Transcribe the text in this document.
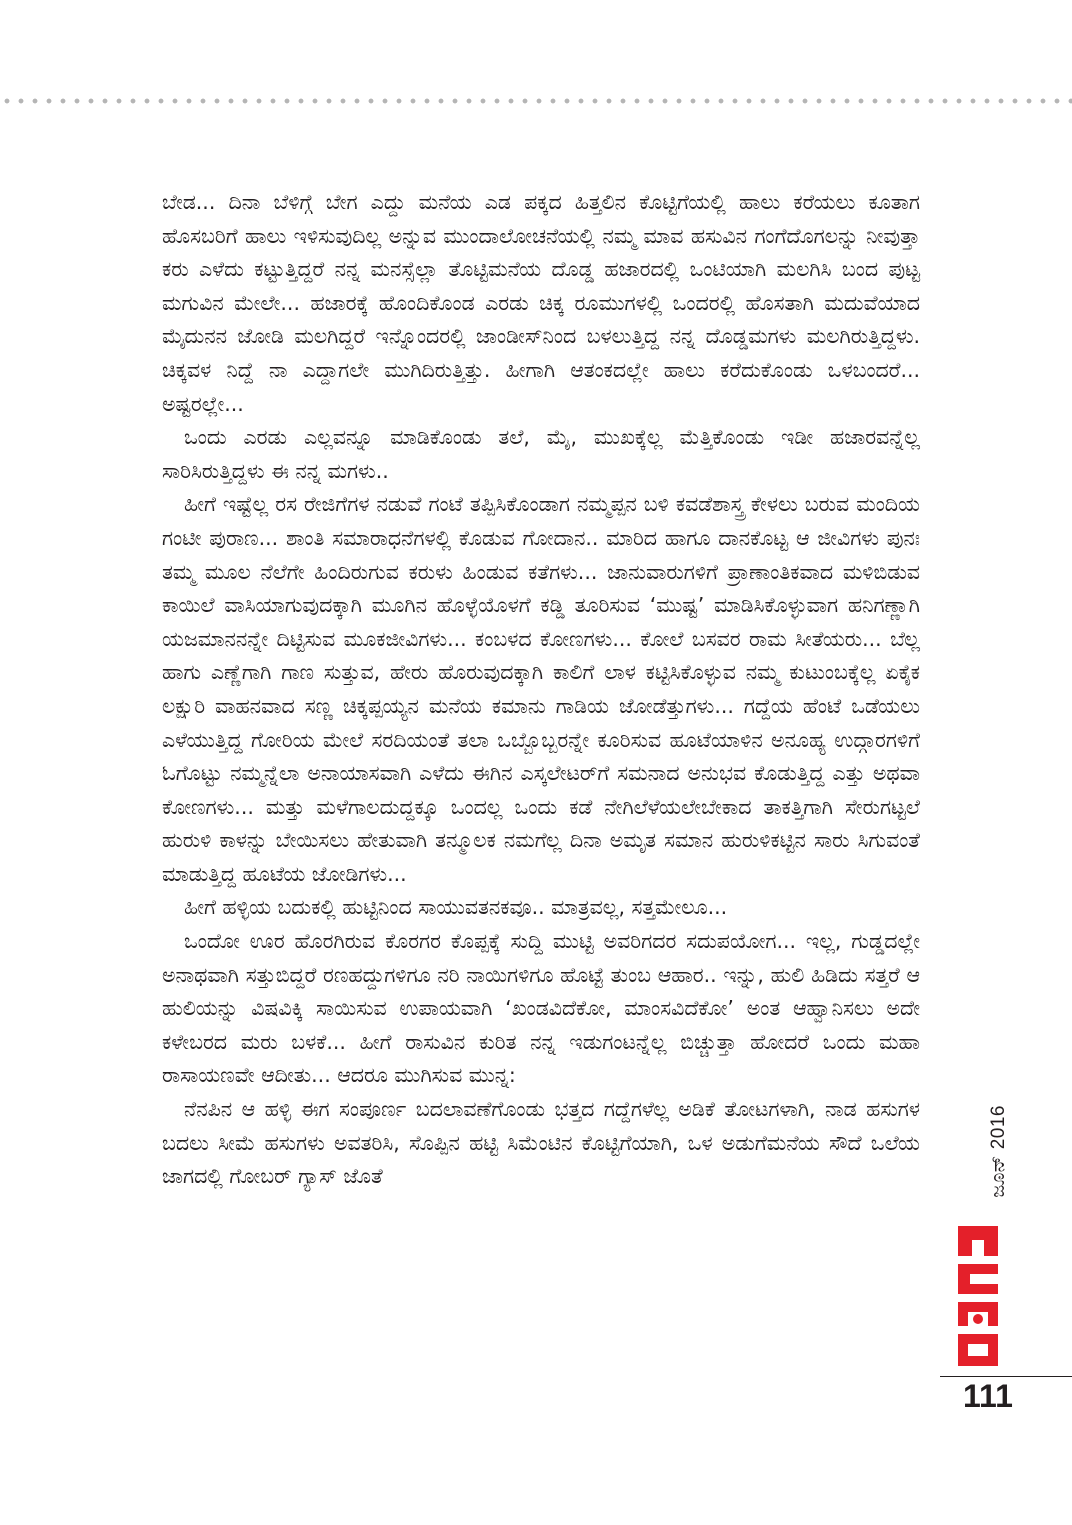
ಬೇಡ... ದಿನಾ ಬೆಳಿಗ್ಗೆ ಬೇಗ ಎದ್ದು ಮನೆಯ ಎಡ ಪಕ್ಕದ ಹಿತ್ತಲಿನ ಕೊಟ್ಟಿಗೆಯಲ್ಲಿ ಹಾಲು ಕರೆಯಲು ಕೂತಾಗ ಹೊಸಬರಿಗೆ ಹಾಲು ಇಳಿಸುವುದಿಲ್ಲ ಅನ್ನುವ ಮುಂದಾಲೋಚನೆಯಲ್ಲಿ ನಮ್ಮ ಮಾವ ಹಸುವಿನ ಗಂಗೆದೊಗಲನ್ನು ನೀವುತ್ತಾ ಕರು ಎಳೆದು ಕಟ್ಟುತ್ತಿದ್ದರೆ ನನ್ನ ಮನಸ್ಸೆಲ್ಲಾ ತೊಟ್ಟಿಮನೆಯ ದೊಡ್ಡ ಹಜಾರದಲ್ಲಿ ಒಂಟಿಯಾಗಿ ಮಲಗಿಸಿ ಬಂದ ಪುಟ್ಟ ಮಗುವಿನ ಮೇಲೇ... ಹಜಾರಕ್ಕೆ ಹೊಂದಿಕೊಂಡ ಎರಡು ಚಿಕ್ಕ ರೂಮುಗಳಲ್ಲಿ ಒಂದರಲ್ಲಿ ಹೊಸತಾಗಿ ಮದುವೆಯಾದ ಮೈದುನನ ಜೋಡಿ ಮಲಗಿದ್ದರೆ ಇನ್ನೊಂದರಲ್ಲಿ ಜಾಂಡೀಸ್‌ನಿಂದ ಬಳಲುತ್ತಿದ್ದ ನನ್ನ ದೊಡ್ಡಮಗಳು ಮಲಗಿರುತ್ತಿದ್ದಳು. ಚಿಕ್ಕವಳ ನಿದ್ದೆ ನಾ ಎದ್ದಾಗಲೇ ಮುಗಿದಿರುತ್ತಿತ್ತು. ಹೀಗಾಗಿ ಆತಂಕದಲ್ಲೇ ಹಾಲು ಕರೆದುಕೊಂಡು ಒಳಬಂದರೆ... ಅಷ್ಟರಲ್ಲೇ...

ಒಂದು ಎರಡು ಎಲ್ಲವನ್ನೂ ಮಾಡಿಕೊಂಡು ತಲೆ, ಮೈ, ಮುಖಕ್ಕೆಲ್ಲ ಮೆತ್ತಿಕೊಂಡು ಇಡೀ ಹಜಾರವನ್ನೆಲ್ಲ ಸಾರಿಸಿರುತ್ತಿದ್ದಳು ಈ ನನ್ನ ಮಗಳು..

ಹೀಗೆ ಇಷ್ಟೆಲ್ಲ ರಸ ರೇಜಿಗೆಗಳ ನಡುವೆ ಗಂಟೆ ತಪ್ಪಿಸಿಕೊಂಡಾಗ ನಮ್ಮಪ್ಪನ ಬಳಿ ಕವಡೆಶಾಸ್ತ್ರ ಕೇಳಲು ಬರುವ ಮಂದಿಯ ಗಂಟೀ ಪುರಾಣ... ಶಾಂತಿ ಸಮಾರಾಧನೆಗಳಲ್ಲಿ ಕೊಡುವ ಗೋದಾನ.. ಮಾರಿದ ಹಾಗೂ ದಾನಕೊಟ್ಟ ಆ ಜೀವಿಗಳು ಪುನಃ ತಮ್ಮ ಮೂಲ ನೆಲೆಗೇ ಹಿಂದಿರುಗುವ ಕರುಳು ಹಿಂಡುವ ಕತೆಗಳು... ಜಾನುವಾರುಗಳಿಗೆ ಪ್ರಾಣಾಂತಿಕವಾದ ಮಳಿಬಿಡುವ ಕಾಯಿಲೆ ವಾಸಿಯಾಗುವುದಕ್ಕಾಗಿ ಮೂಗಿನ ಹೊಳ್ಳೆಯೊಳಗೆ ಕಡ್ಡಿ ತೂರಿಸುವ ‘ಮುಷ್ಟ’ ಮಾಡಿಸಿಕೊಳ್ಳುವಾಗ ಹನಿಗಣ್ಣಾಗಿ ಯಜಮಾನನನ್ನೇ ದಿಟ್ಟಿಸುವ ಮೂಕಜೀವಿಗಳು... ಕಂಬಳದ ಕೋಣಗಳು... ಕೋಲೆ ಬಸವರ ರಾಮ ಸೀತೆಯರು... ಬೆಲ್ಲ ಹಾಗು ಎಣ್ಣೆಗಾಗಿ ಗಾಣ ಸುತ್ತುವ, ಹೇರು ಹೊರುವುದಕ್ಕಾಗಿ ಕಾಲಿಗೆ ಲಾಳ ಕಟ್ಟಿಸಿಕೊಳ್ಳುವ ನಮ್ಮ ಕುಟುಂಬಕ್ಕೆಲ್ಲ ಏಕೈಕ ಲಕ್ಷುರಿ ವಾಹನವಾದ ಸಣ್ಣ ಚಿಕ್ಕಪ್ಪಯ್ಯನ ಮನೆಯ ಕಮಾನು ಗಾಡಿಯ ಜೋಡೆತ್ತುಗಳು... ಗದ್ದೆಯ ಹೆಂಟೆ ಒಡೆಯಲು ಎಳೆಯುತ್ತಿದ್ದ ಗೋರಿಯ ಮೇಲೆ ಸರದಿಯಂತೆ ತಲಾ ಒಬ್ಬೊಬ್ಬರನ್ನೇ ಕೂರಿಸುವ ಹೂಟೆಯಾಳಿನ ಅನೂಹ್ಯ ಉದ್ಗಾರಗಳಿಗೆ ಓಗೊಟ್ಟು ನಮ್ಮನ್ನೆಲಾ ಅನಾಯಾಸವಾಗಿ ಎಳೆದು ಈಗಿನ ಎಸ್ಕಲೇಟರ್‌ಗೆ ಸಮನಾದ ಅನುಭವ ಕೊಡುತ್ತಿದ್ದ ಎತ್ತು ಅಥವಾ ಕೋಣಗಳು... ಮತ್ತು ಮಳೆಗಾಲದುದ್ದಕ್ಕೂ ಒಂದಲ್ಲ ಒಂದು ಕಡೆ ನೇಗಿಲೆಳೆಯಲೇಬೇಕಾದ ತಾಕತ್ತಿಗಾಗಿ ಸೇರುಗಟ್ಟಲೆ ಹುರುಳಿ ಕಾಳನ್ನು ಬೇಯಿಸಲು ಹೇತುವಾಗಿ ತನ್ಮೂಲಕ ನಮಗೆಲ್ಲ ದಿನಾ ಅಮೃತ ಸಮಾನ ಹುರುಳಿಕಟ್ಟಿನ ಸಾರು ಸಿಗುವಂತೆ ಮಾಡುತ್ತಿದ್ದ ಹೂಟೆಯ ಜೋಡಿಗಳು...

ಹೀಗೆ ಹಳ್ಳಿಯ ಬದುಕಲ್ಲಿ ಹುಟ್ಟಿನಿಂದ ಸಾಯುವತನಕವೂ.. ಮಾತ್ರವಲ್ಲ, ಸತ್ತಮೇಲೂ...

ಒಂದೋ ಊರ ಹೊರಗಿರುವ ಕೊರಗರ ಕೊಪ್ಪಕ್ಕೆ ಸುದ್ದಿ ಮುಟ್ಟಿ ಅವರಿಗದರ ಸದುಪಯೋಗ... ಇಲ್ಲ, ಗುಡ್ಡದಲ್ಲೇ ಅನಾಥವಾಗಿ ಸತ್ತುಬಿದ್ದರೆ ರಣಹದ್ದುಗಳಿಗೂ ನರಿ ನಾಯಿಗಳಿಗೂ ಹೊಟ್ಟೆ ತುಂಬ ಆಹಾರ.. ಇನ್ನು, ಹುಲಿ ಹಿಡಿದು ಸತ್ತರೆ ಆ ಹುಲಿಯನ್ನು ವಿಷವಿಕ್ಕಿ ಸಾಯಿಸುವ ಉಪಾಯವಾಗಿ ‘ಖಂಡವಿದೆಕೋ, ಮಾಂಸವಿದೆಕೋ’ ಅಂತ ಆಹ್ವಾನಿಸಲು ಅದೇ ಕಳೇಬರದ ಮರು ಬಳಕೆ... ಹೀಗೆ ರಾಸುವಿನ ಕುರಿತ ನನ್ನ ಇಡುಗಂಟನ್ನೆಲ್ಲ ಬಿಚ್ಚುತ್ತಾ ಹೋದರೆ ಒಂದು ಮಹಾ ರಾಸಾಯಣವೇ ಆದೀತು... ಆದರೂ ಮುಗಿಸುವ ಮುನ್ನ:

ನೆನಪಿನ ಆ ಹಳ್ಳಿ ಈಗ ಸಂಪೂರ್ಣ ಬದಲಾವಣೆಗೊಂಡು ಭತ್ತದ ಗದ್ದೆಗಳೆಲ್ಲ ಅಡಿಕೆ ತೋಟಗಳಾಗಿ, ನಾಡ ಹಸುಗಳ ಬದಲು ಸೀಮೆ ಹಸುಗಳು ಅವತರಿಸಿ, ಸೊಪ್ಪಿನ ಹಟ್ಟಿ ಸಿಮೆಂಟಿನ ಕೊಟ್ಟಿಗೆಯಾಗಿ, ಒಳ ಅಡುಗೆಮನೆಯ ಸೌದೆ ಒಲೆಯ ಜಾಗದಲ್ಲಿ ಗೋಬರ್ ಗ್ಯಾಸ್ ಜೊತೆ	ಜೂನ್ 2016
111
